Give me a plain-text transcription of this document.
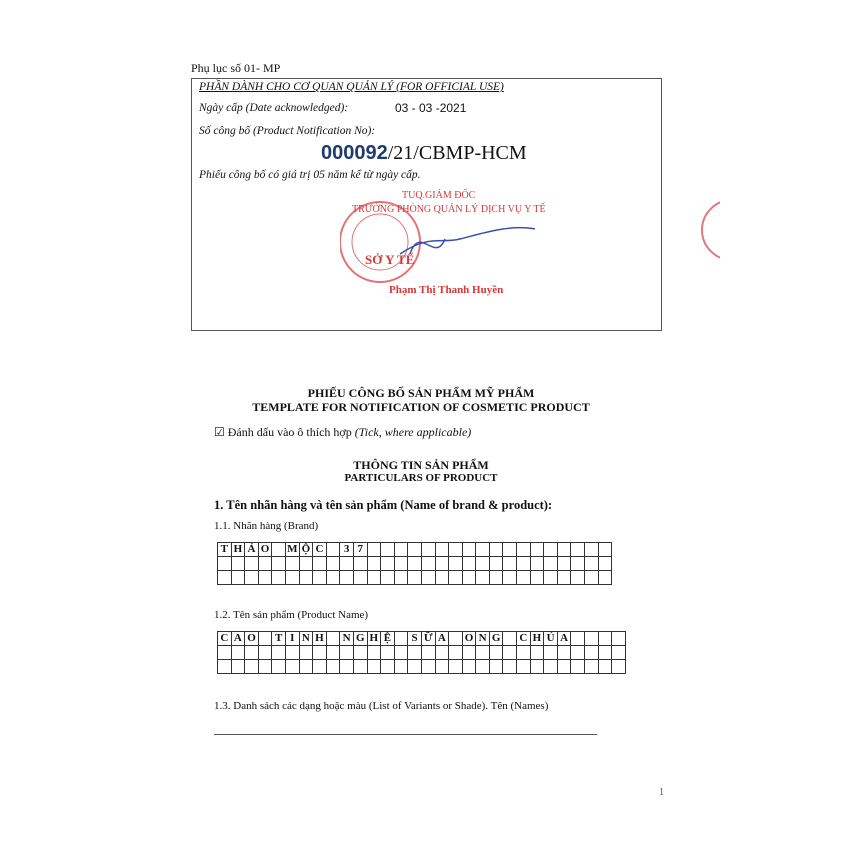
Phụ lục số 01- MP
PHẦN DÀNH CHO CƠ QUAN QUẢN LÝ (FOR OFFICIAL USE)
Ngày cấp (Date acknowledged):	03 - 03 -2021
Số công bố (Product Notification No):
000092/21/CBMP-HCM
Phiếu công bố có giá trị 05 năm kể từ ngày cấp.
SỞ Y TẾ
TUQ.GIÁM ĐỐC
TRƯỞNG PHÒNG QUẢN LÝ DỊCH VỤ Y TẾ
Phạm Thị Thanh Huyền
PHIẾU CÔNG BỐ SẢN PHẨM MỸ PHẨM
TEMPLATE FOR NOTIFICATION OF COSMETIC PRODUCT
☑ Đánh dấu vào ô thích hợp (Tick, where applicable)
THÔNG TIN SẢN PHẨM
PARTICULARS OF PRODUCT
1. Tên nhãn hàng và tên sản phẩm (Name of brand & product):
1.1. Nhãn hàng (Brand)
T	H	Ả	O		M	Ộ	C		3	7																		

1.2. Tên sản phẩm (Product Name)
C	A	O		T	I	N	H		N	G	H	Ệ		S	Ữ	A		O	N	G		C	H	Ú	A				

1.3. Danh sách các dạng hoặc màu (List of Variants or Shade). Tên (Names)
1
